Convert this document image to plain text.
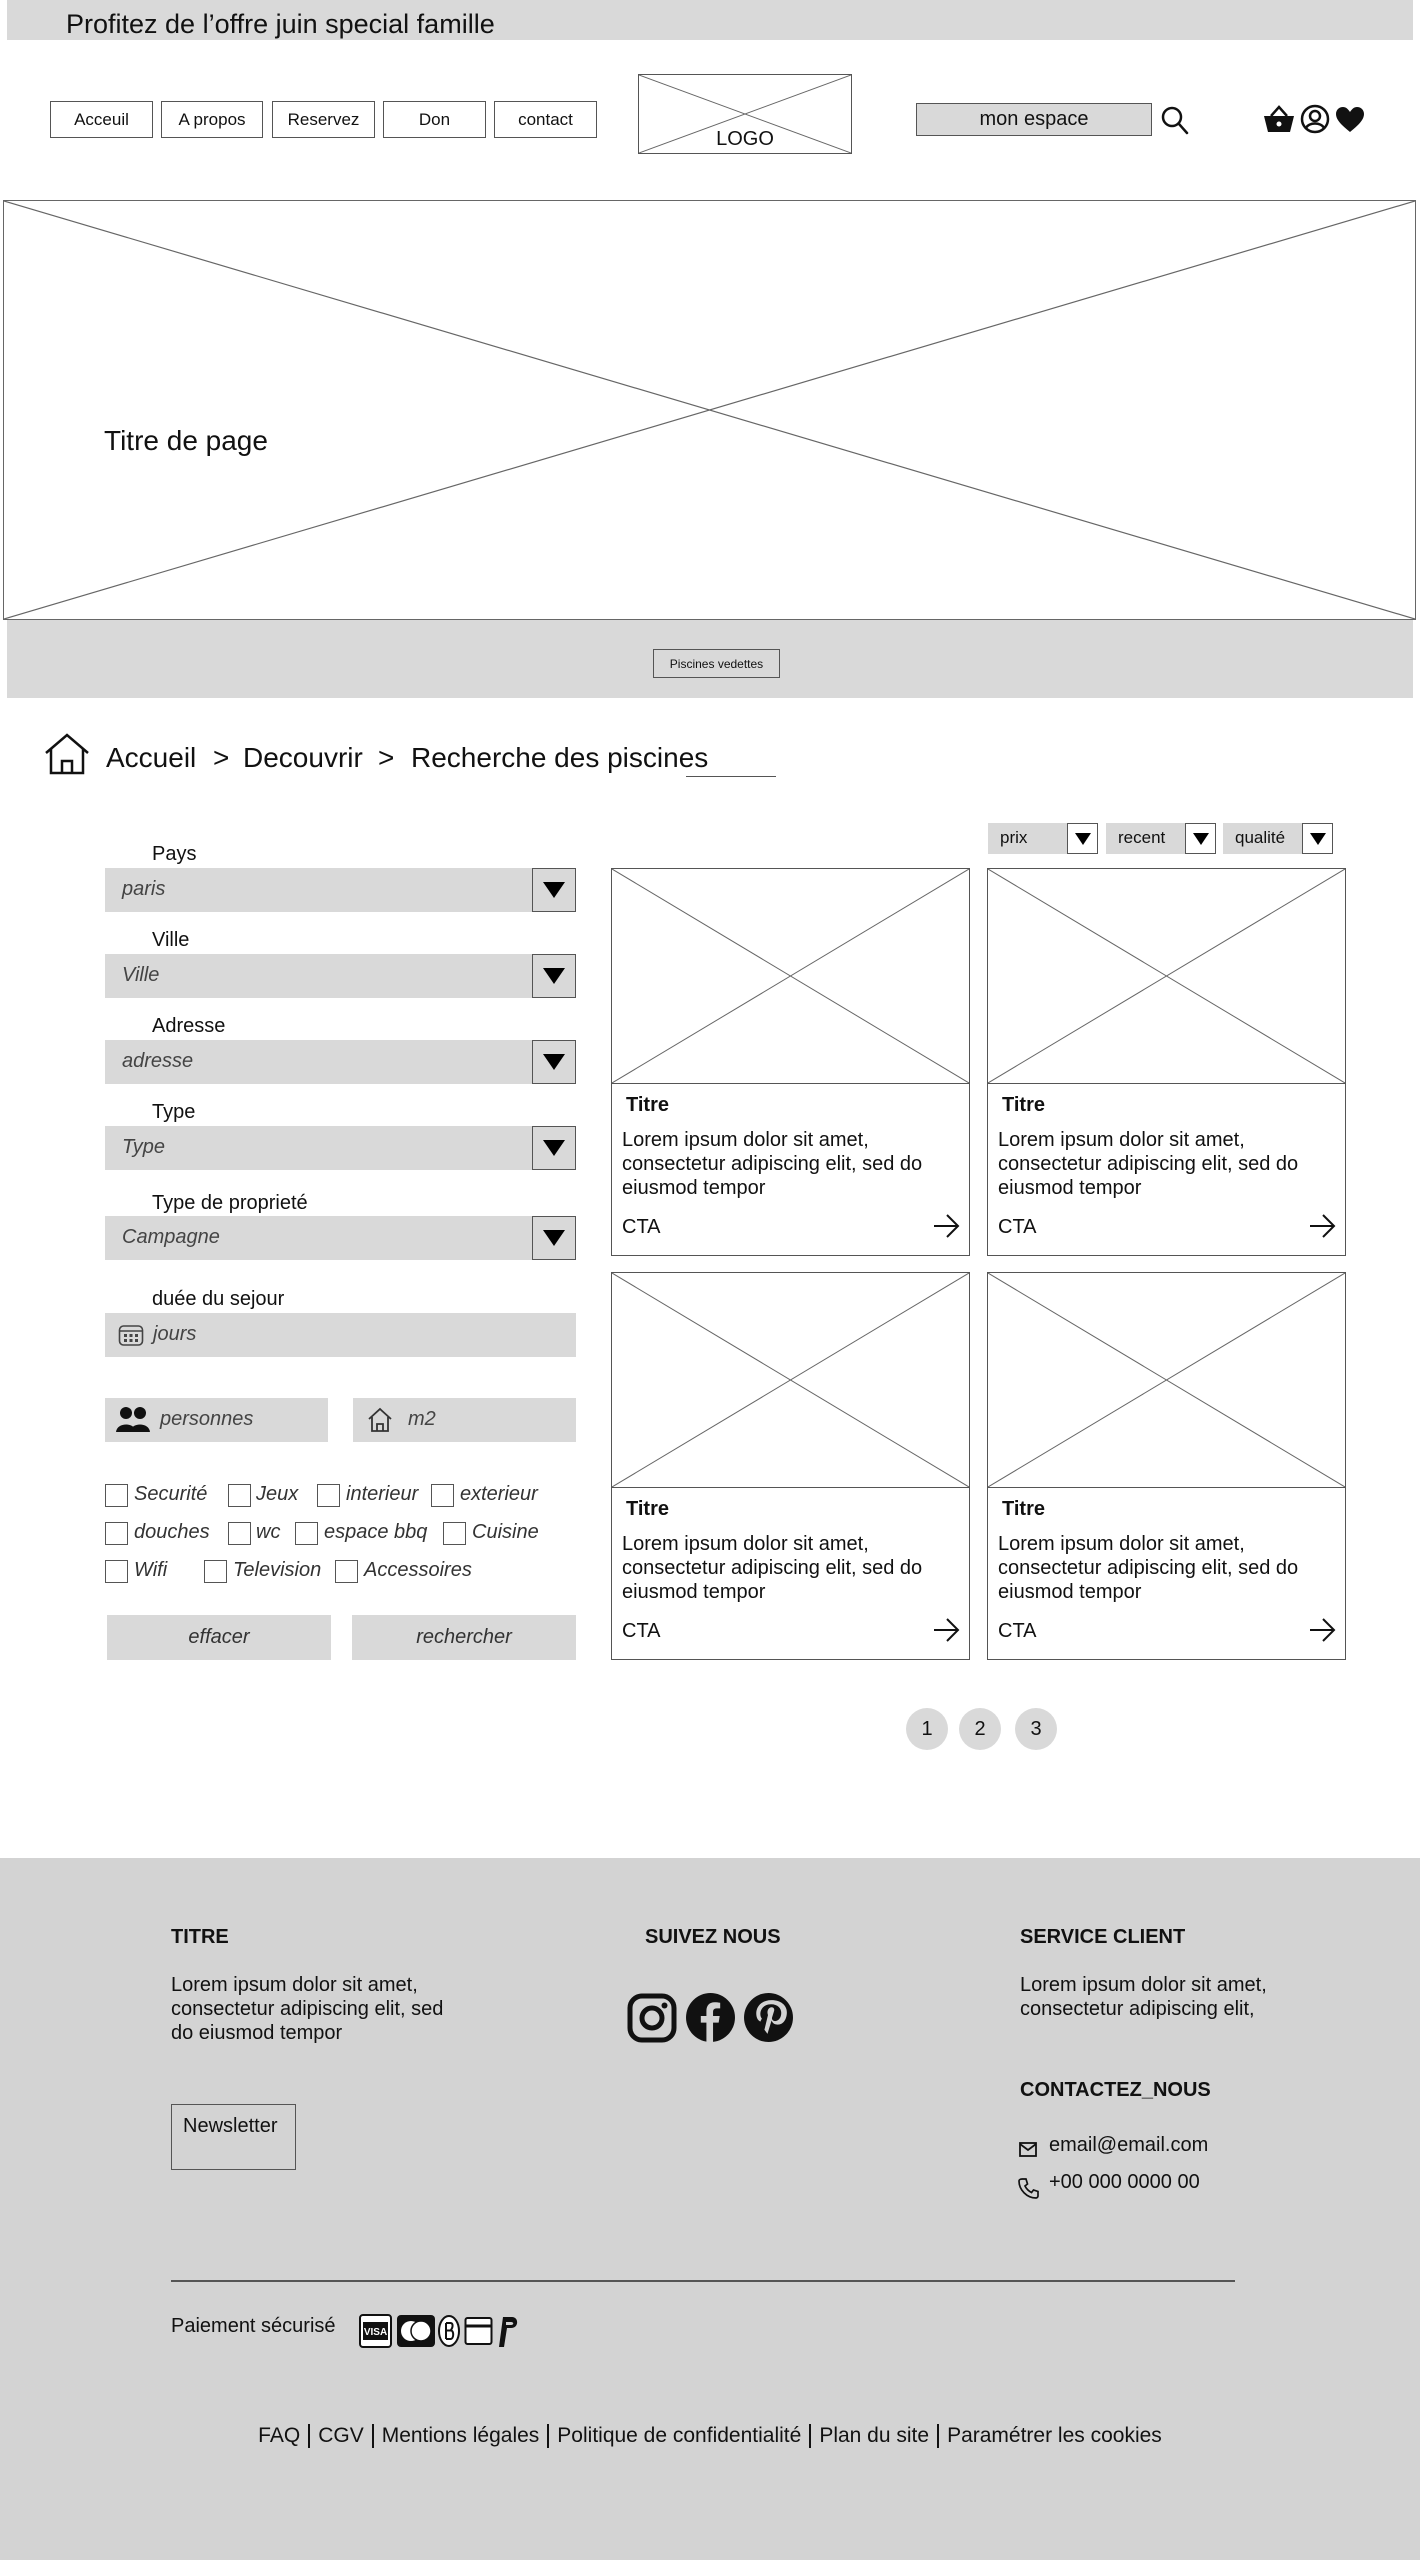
Profitez de l’offre juin special famille
Acceuil	A propos	Reservez	Don	contact
LOGO
mon espace
Titre de page
Piscines vedettes
Accueil > Decouvrir > Recherche des piscines
prix	recent	qualité
Pays
paris
Ville
Ville
Adresse
adresse
Type
Type
Type de proprieté
Campagne
duée du sejour
jours
personnes	m2
Securité Jeux interieur exterieur
douches wc espace bbq Cuisine
Wifi	Television Accessoires
effacer	rechercher
Titre
Lorem ipsum dolor sit amet, consectetur adipiscing elit, sed do eiusmod tempor
CTA
Titre
Lorem ipsum dolor sit amet, consectetur adipiscing elit, sed do eiusmod tempor
CTA
Titre
Lorem ipsum dolor sit amet, consectetur adipiscing elit, sed do eiusmod tempor
CTA
Titre
Lorem ipsum dolor sit amet, consectetur adipiscing elit, sed do eiusmod tempor
CTA
1	2	3
TITRE
Lorem ipsum dolor sit amet, consectetur adipiscing elit, sed do eiusmod tempor
Newsletter
SUIVEZ NOUS	SERVICE CLIENT
Lorem ipsum dolor sit amet, consectetur adipiscing elit,
CONTACTEZ_NOUS
email@email.com
+00 000 0000 00
Paiement sécurisé	VISA
FAQ CGV Mentions légales Politique de confidentialité Plan du site Paramétrer les cookies
